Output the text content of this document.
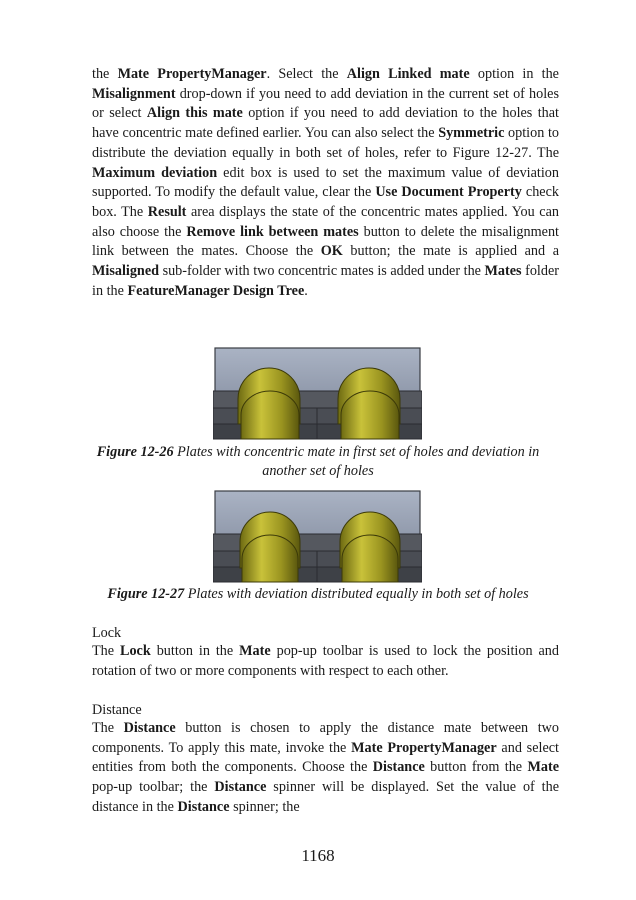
the Mate PropertyManager. Select the Align Linked mate option in the Misalignment drop-down if you need to add deviation in the current set of holes or select Align this mate option if you need to add deviation to the holes that have concentric mate defined earlier. You can also select the Symmetric option to distribute the deviation equally in both set of holes, refer to Figure 12-27. The Maximum deviation edit box is used to set the maximum value of deviation supported. To modify the default value, clear the Use Document Property check box. The Result area displays the state of the concentric mates applied. You can also choose the Remove link between mates button to delete the misalignment link between the mates. Choose the OK button; the mate is applied and a Misaligned sub-folder with two concentric mates is added under the Mates folder in the FeatureManager Design Tree.

Figure 12-26 Plates with concentric mate in first set of holes and deviation in another set of holes

Figure 12-27 Plates with deviation distributed equally in both set of holes

Lock

The Lock button in the Mate pop-up toolbar is used to lock the position and rotation of two or more components with respect to each other.

Distance

The Distance button is chosen to apply the distance mate between two components. To apply this mate, invoke the Mate PropertyManager and select entities from both the components. Choose the Distance button from the Mate pop-up toolbar; the Distance spinner will be displayed. Set the value of the distance in the Distance spinner; the

1168
